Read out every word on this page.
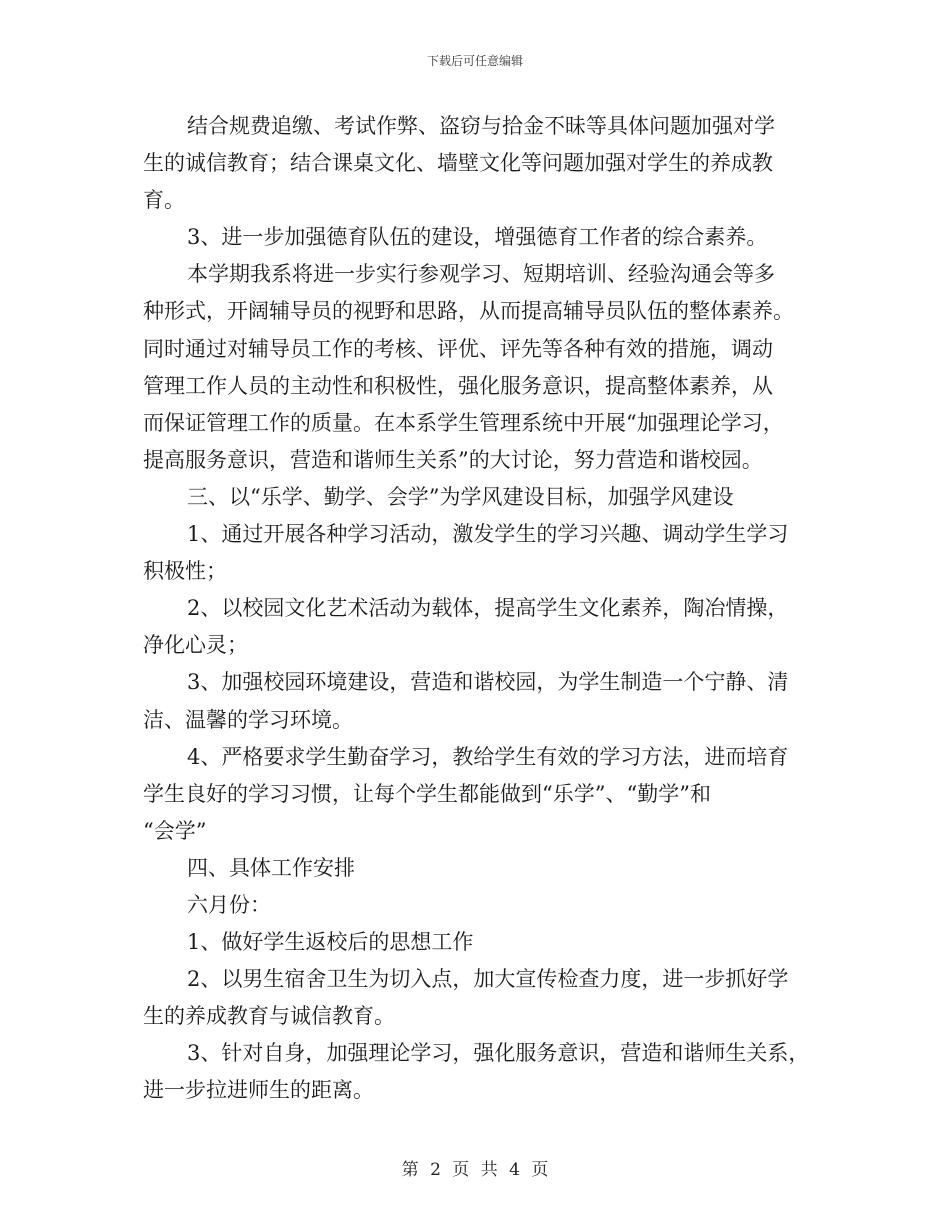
下载后可任意编辑
结合规费追缴、考试作弊、盗窃与拾金不昧等具体问题加强对学
生的诚信教育；结合课桌文化、墙壁文化等问题加强对学生的养成教
育。
3、进一步加强德育队伍的建设，增强德育工作者的综合素养。
本学期我系将进一步实行参观学习、短期培训、经验沟通会等多
种形式，开阔辅导员的视野和思路，从而提高辅导员队伍的整体素养。
同时通过对辅导员工作的考核、评优、评先等各种有效的措施，调动
管理工作人员的主动性和积极性，强化服务意识，提高整体素养，从
而保证管理工作的质量。在本系学生管理系统中开展“加强理论学习，
提高服务意识，营造和谐师生关系”的大讨论，努力营造和谐校园。
三、以“乐学、勤学、会学”为学风建设目标，加强学风建设
1、通过开展各种学习活动，激发学生的学习兴趣、调动学生学习
积极性；
2、以校园文化艺术活动为载体，提高学生文化素养，陶冶情操，
净化心灵；
3、加强校园环境建设，营造和谐校园，为学生制造一个宁静、清
洁、温馨的学习环境。
4、严格要求学生勤奋学习，教给学生有效的学习方法，进而培育
学生良好的学习习惯，让每个学生都能做到“乐学”、“勤学”和
“会学”
四、具体工作安排
六月份：
1、做好学生返校后的思想工作
2、以男生宿舍卫生为切入点，加大宣传检查力度，进一步抓好学
生的养成教育与诚信教育。
3、针对自身，加强理论学习，强化服务意识，营造和谐师生关系，
进一步拉进师生的距离。
第 2 页 共 4 页
